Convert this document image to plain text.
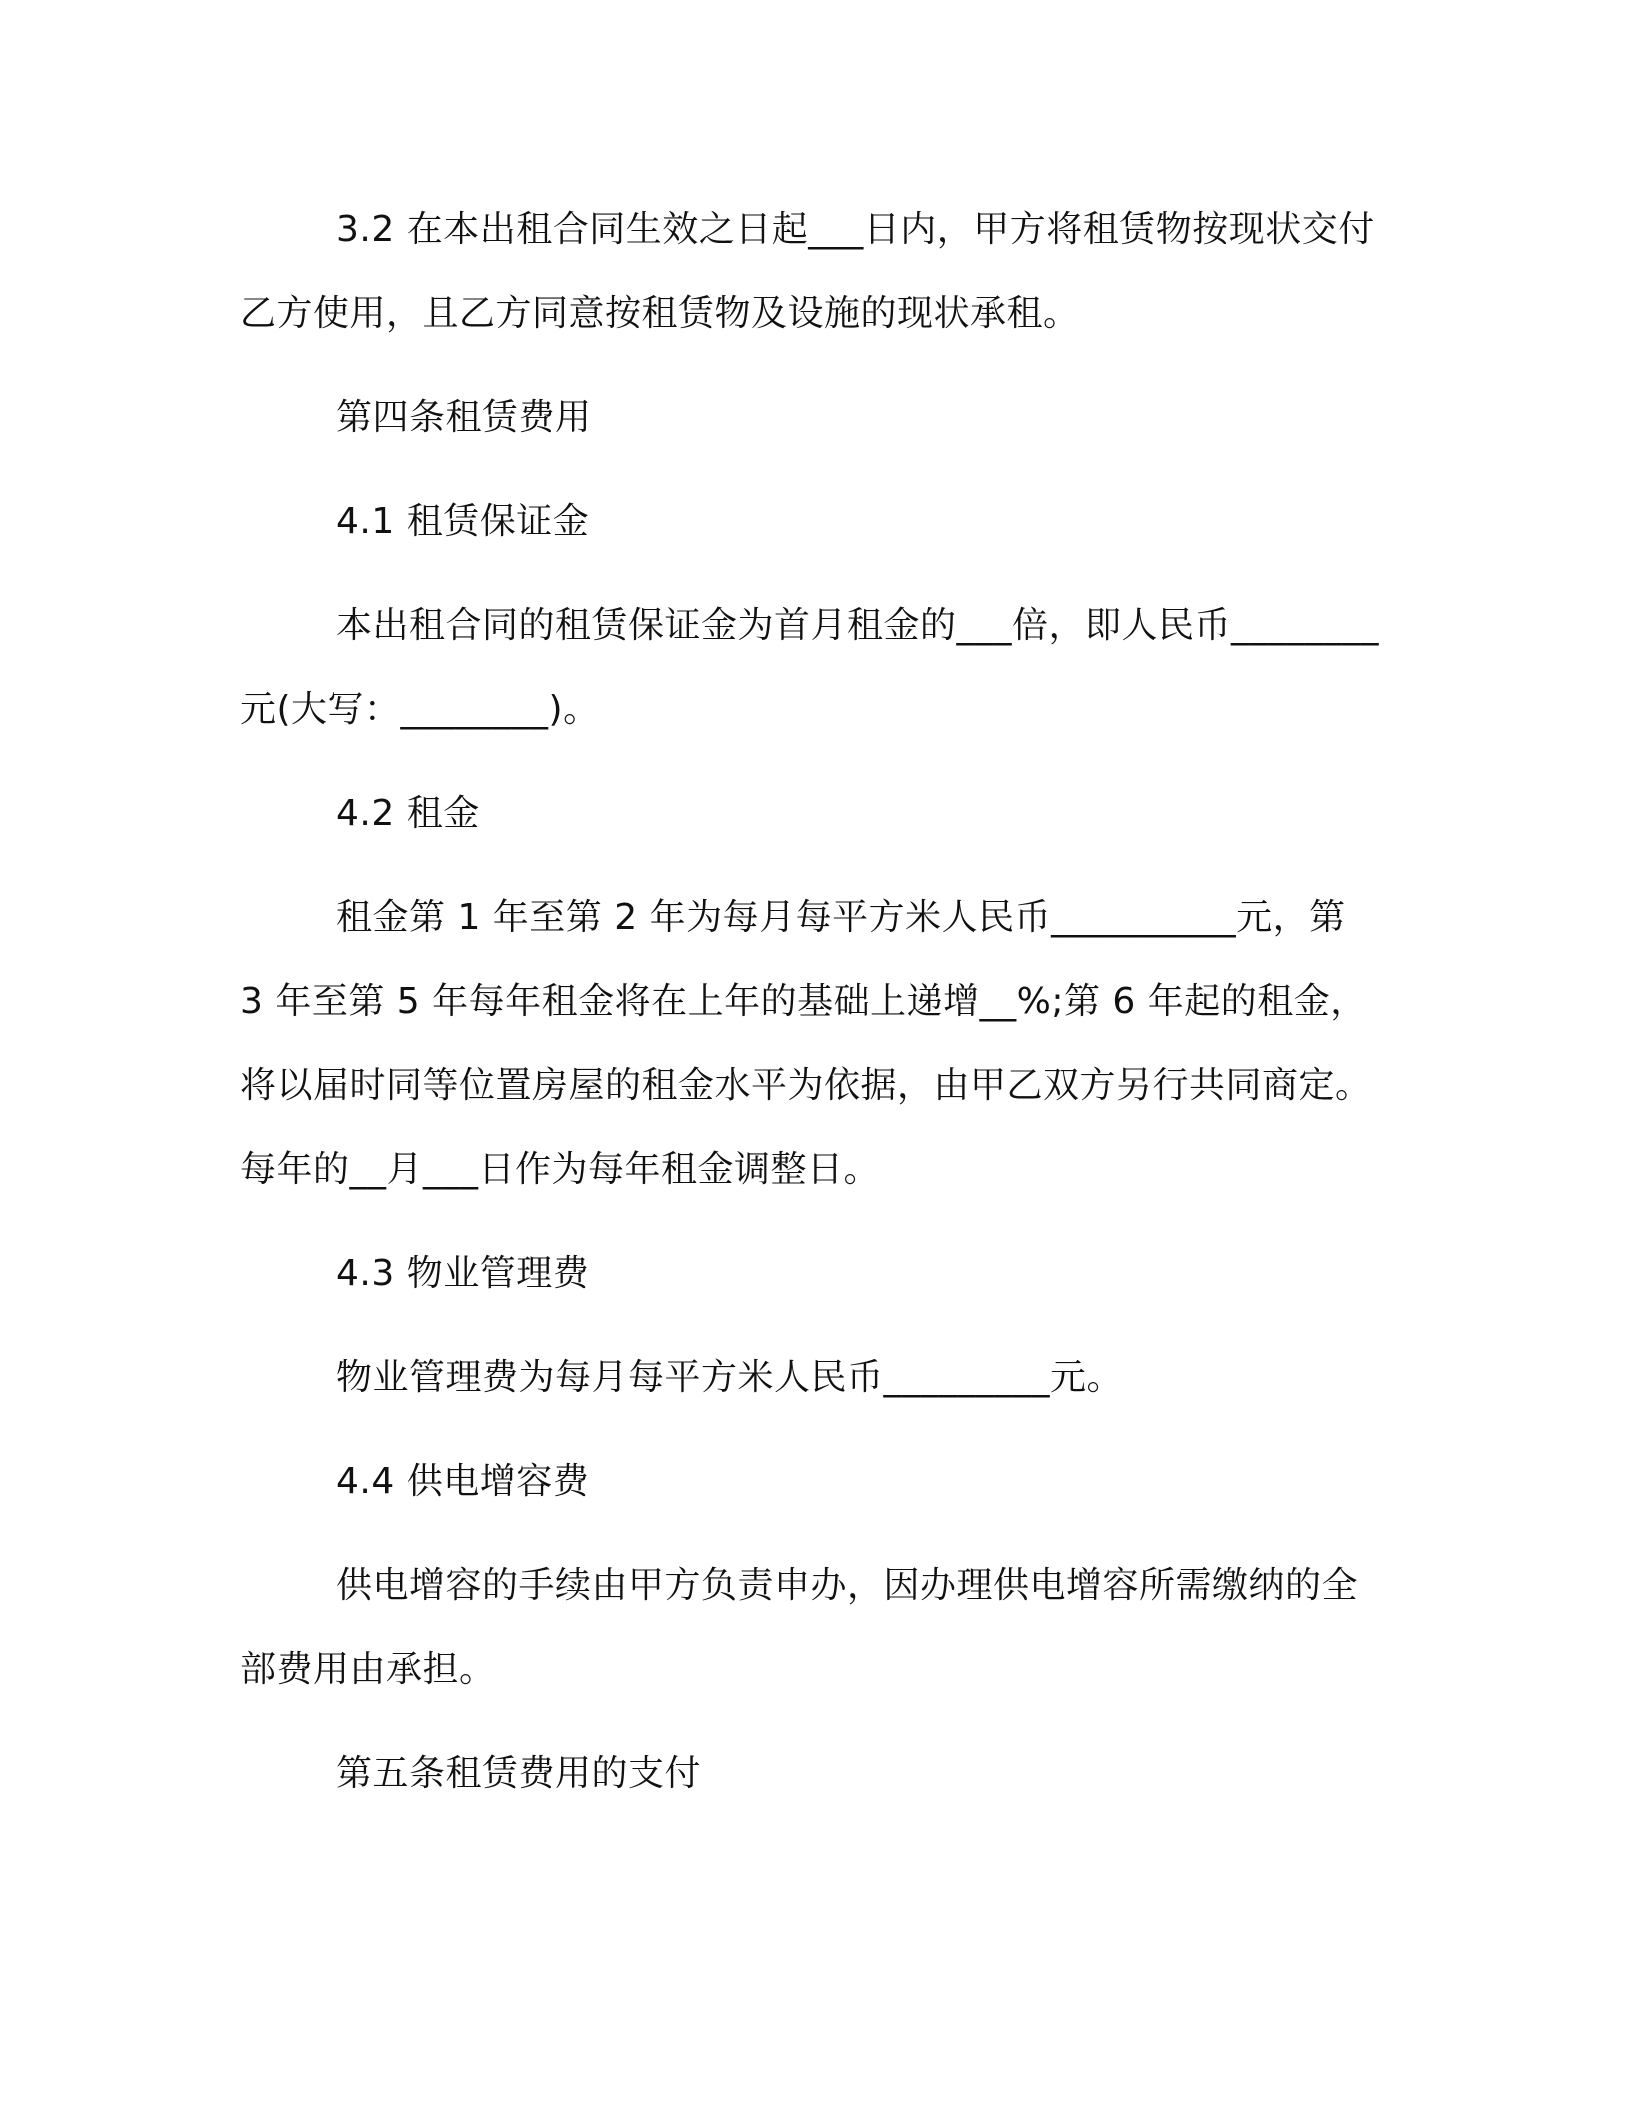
3.2 在本出租合同生效之日起___日内，甲方将租赁物按现状交付乙方使用，且乙方同意按租赁物及设施的现状承租。

第四条租赁费用

4.1 租赁保证金

本出租合同的租赁保证金为首月租金的___倍，即人民币________元(大写：________)。

4.2 租金

租金第 1 年至第 2 年为每月每平方米人民币__________元，第 3 年至第 5 年每年租金将在上年的基础上递增__%;第 6 年起的租金，将以届时同等位置房屋的租金水平为依据，由甲乙双方另行共同商定。每年的__月___日作为每年租金调整日。

4.3 物业管理费

物业管理费为每月每平方米人民币_________元。

4.4 供电增容费

供电增容的手续由甲方负责申办，因办理供电增容所需缴纳的全部费用由承担。

第五条租赁费用的支付
